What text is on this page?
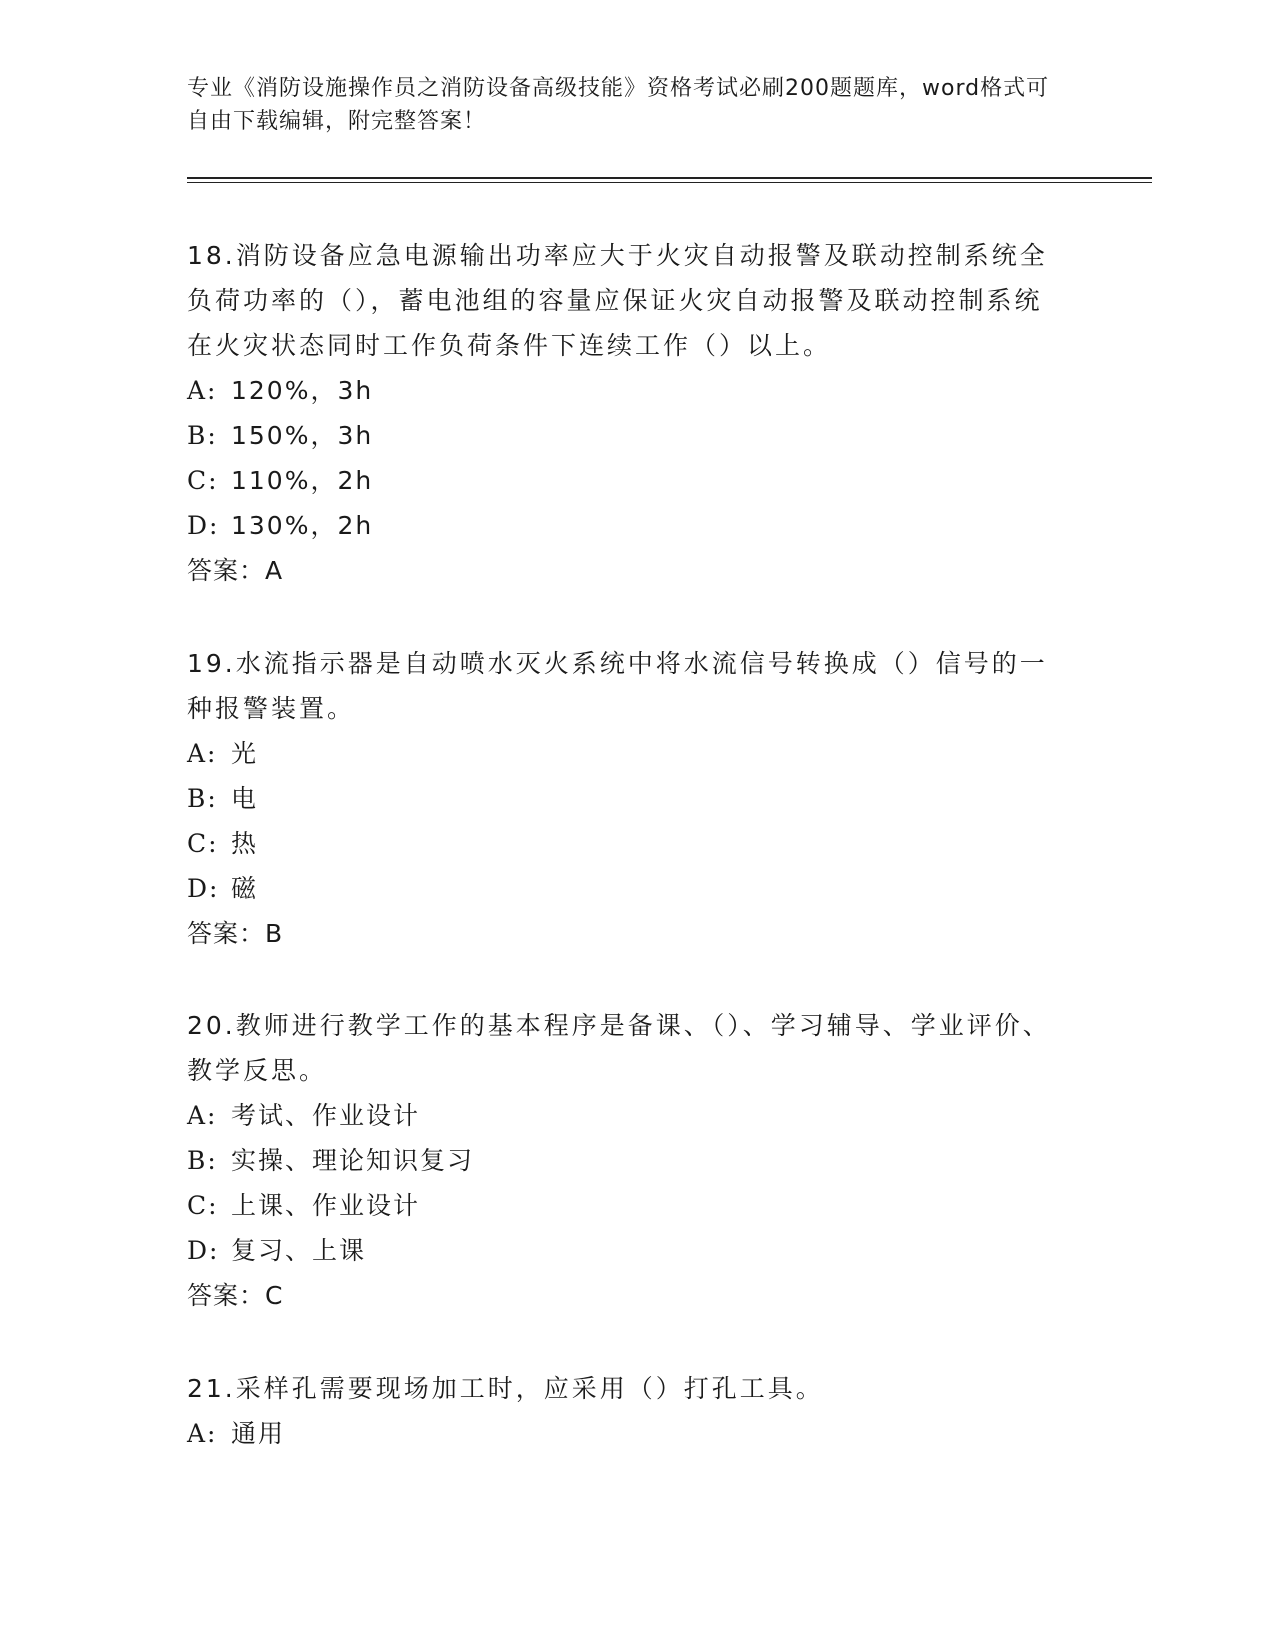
专业《消防设施操作员之消防设备高级技能》资格考试必刷200题题库，word格式可自由下载编辑，附完整答案！

18.消防设备应急电源输出功率应大于火灾自动报警及联动控制系统全负荷功率的（），蓄电池组的容量应保证火灾自动报警及联动控制系统在火灾状态同时工作负荷条件下连续工作（）以上。

A: 120%，3h

B: 150%，3h

C: 110%，2h

D: 130%，2h

答案：A

19.水流指示器是自动喷水灭火系统中将水流信号转换成（）信号的一种报警装置。

A: 光

B: 电

C: 热

D: 磁

答案：B

20.教师进行教学工作的基本程序是备课、（）、学习辅导、学业评价、教学反思。

A: 考试、作业设计

B: 实操、理论知识复习

C: 上课、作业设计

D: 复习、上课

答案：C

21.采样孔需要现场加工时，应采用（）打孔工具。

A: 通用
